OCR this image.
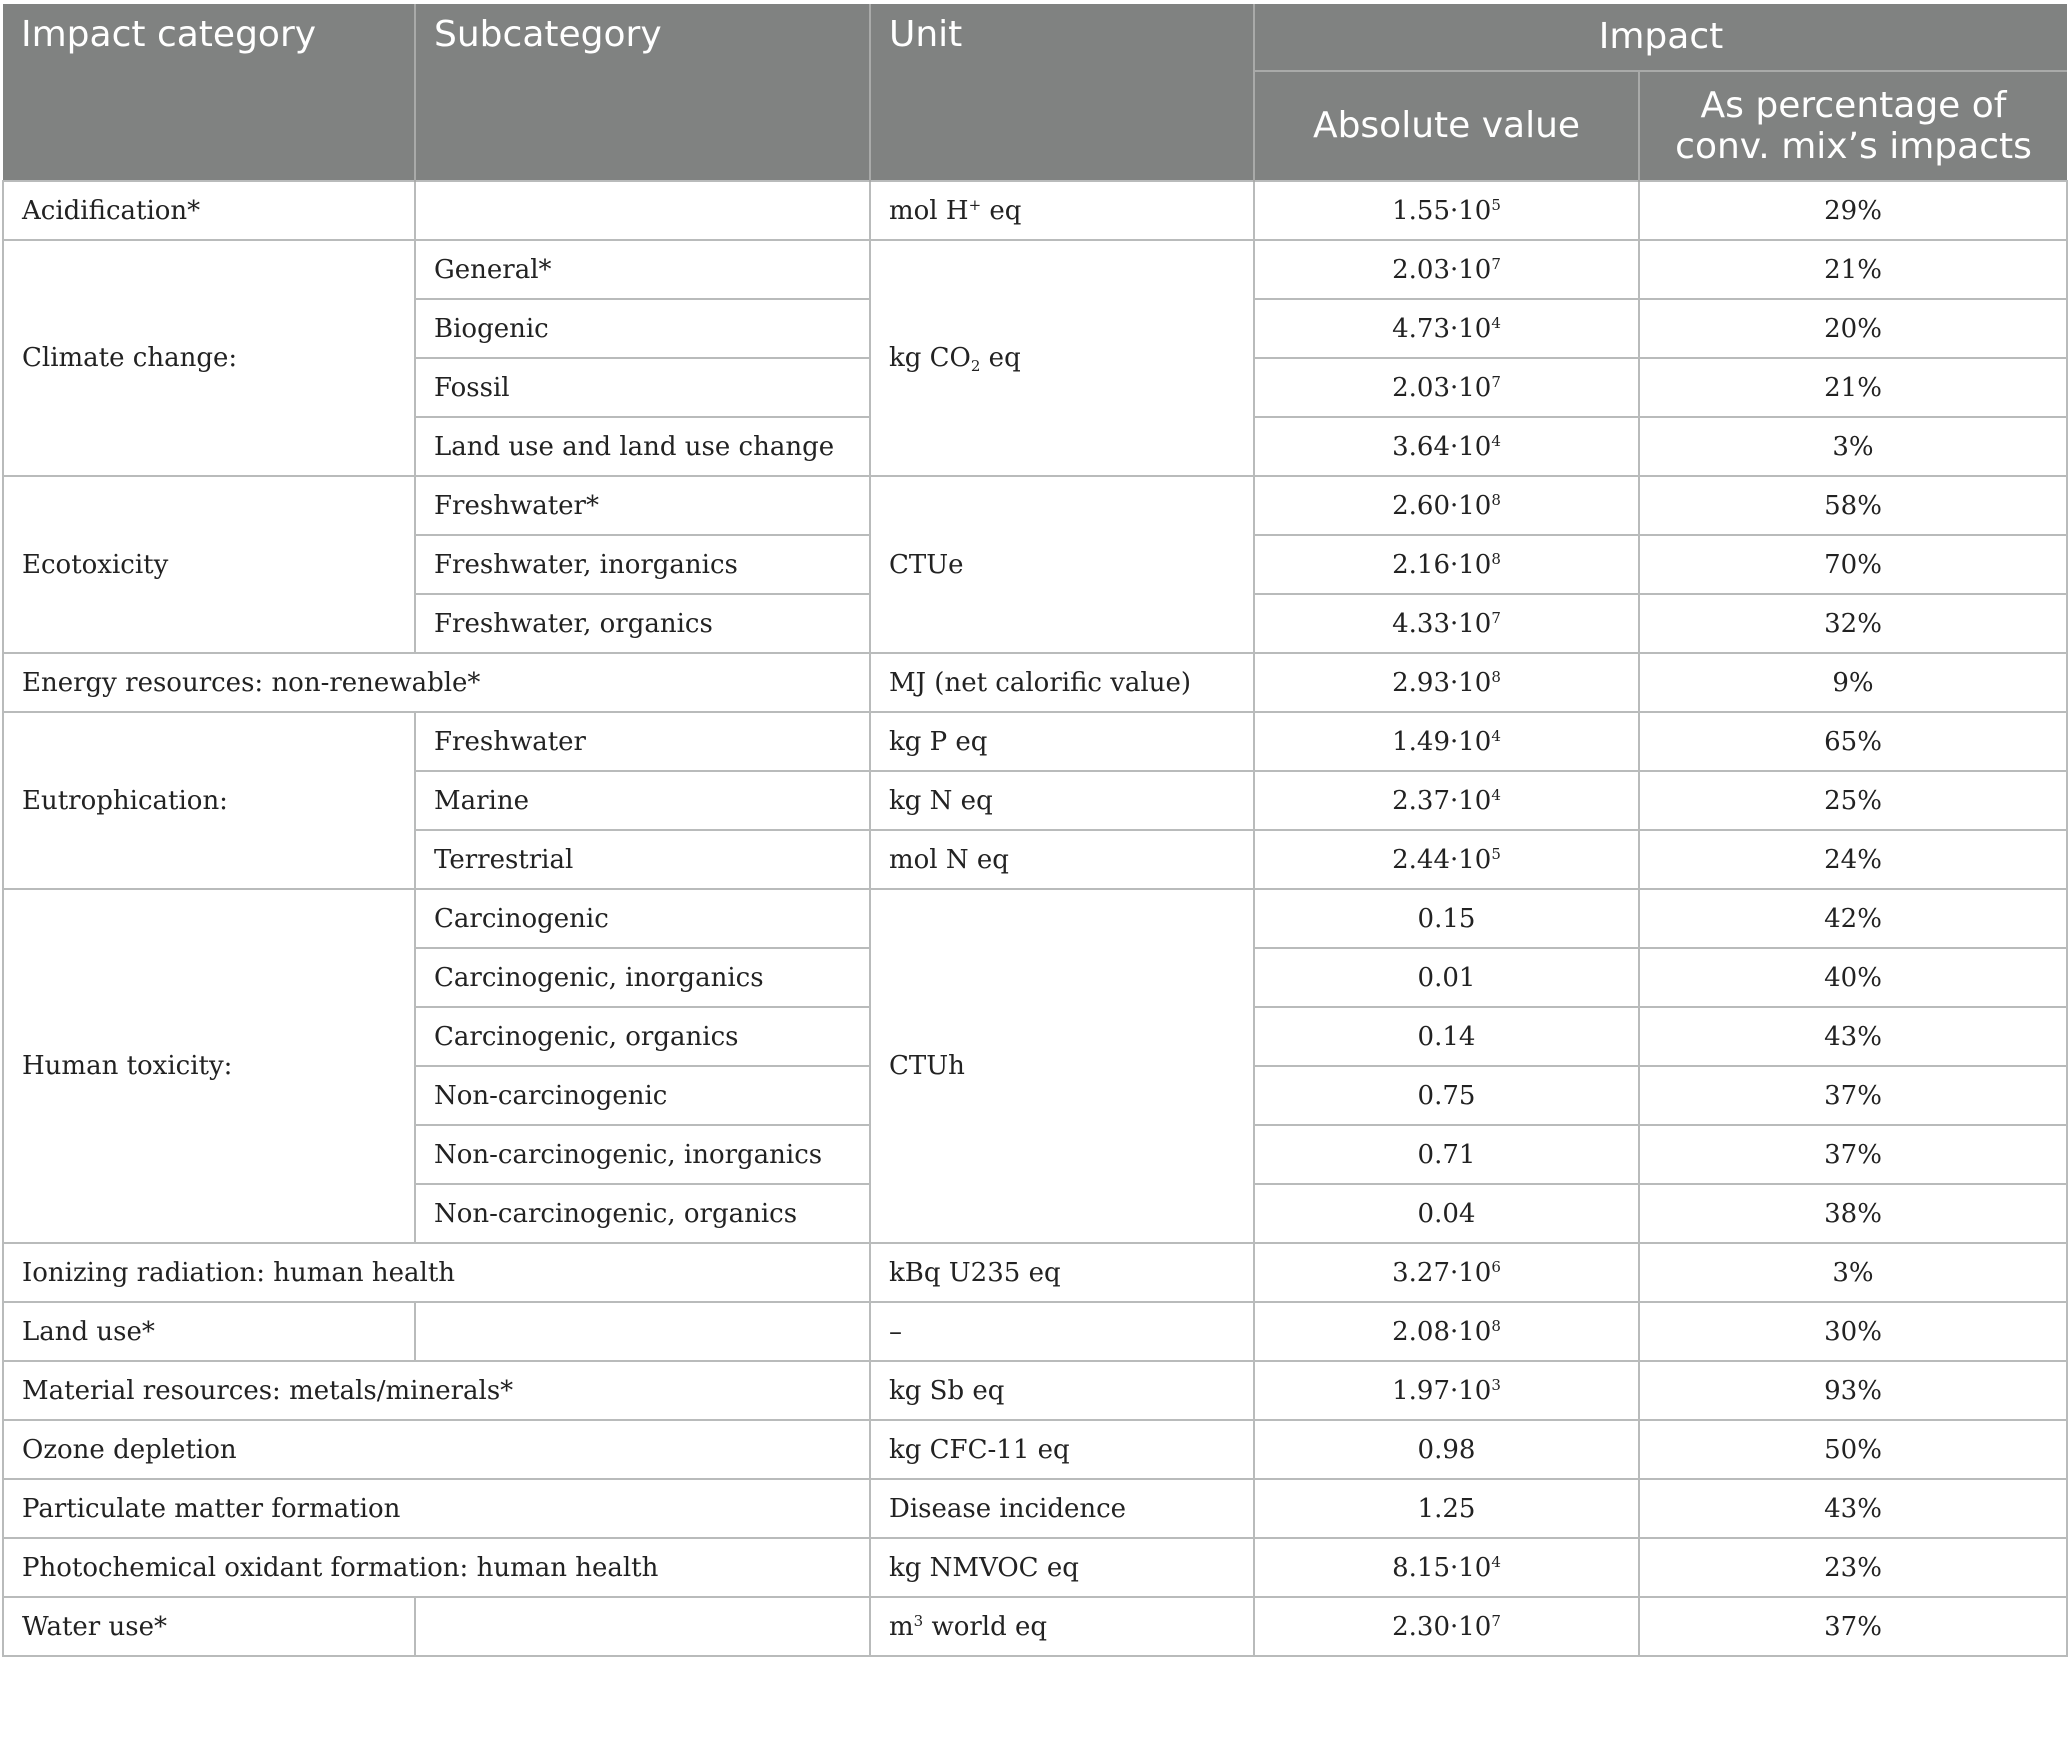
Impact category	Subcategory	Unit	Impact	
			Absolute value	As percentage of
conv. mix’s impacts
Acidification*		mol H+ eq	$1.55\cdot 10^5$	29%
Climate change:	General*	kg $CO_2$ eq	$2.03\cdot 10^7$	21%
	Biogenic		$4.73\cdot 10^4$	20%
	Fossil		$2.03\cdot 10^7$	21%
	Land use and land use change		$3.64\cdot 10^4$	3%
Ecotoxicity	Freshwater*	CTUe	$2.60\cdot 10^8$	58%
	Freshwater, inorganics		$2.16\cdot 10^8$	70%
	Freshwater, organics		$4.33\cdot 10^7$	32%
Energy resources: non-renewable*		MJ (net calorific value)	$2.93\cdot 10^8$	9%
Eutrophication:	Freshwater	kg P eq	$1.49\cdot 10^4$	65%
	Marine	kg N eq	$2.37\cdot 10^4$	25%
	Terrestrial	mol N eq	$2.44\cdot 10^5$	24%
Human toxicity:	Carcinogenic	CTUh	0.15	42%
	Carcinogenic, inorganics		0.01	40%
	Carcinogenic, organics		0.14	43%
	Non-carcinogenic		0.75	37%
	Non-carcinogenic, inorganics		0.71	37%
	Non-carcinogenic, organics		0.04	38%
Ionizing radiation: human health		kBq U235 eq	$3.27\cdot 10^6$	3%
Land use*		–	$2.08\cdot 10^8$	30%
Material resources: metals/minerals*		kg Sb eq	$1.97\cdot 10^3$	93%
Ozone depletion		kg CFC-11 eq	0.98	50%
Particulate matter formation		Disease incidence	1.25	43%
Photochemical oxidant formation: human health		kg NMVOC eq	$8.15\cdot 10^4$	23%
Water use*		$m^3$ world eq	$2.30\cdot 10^7$	37%
